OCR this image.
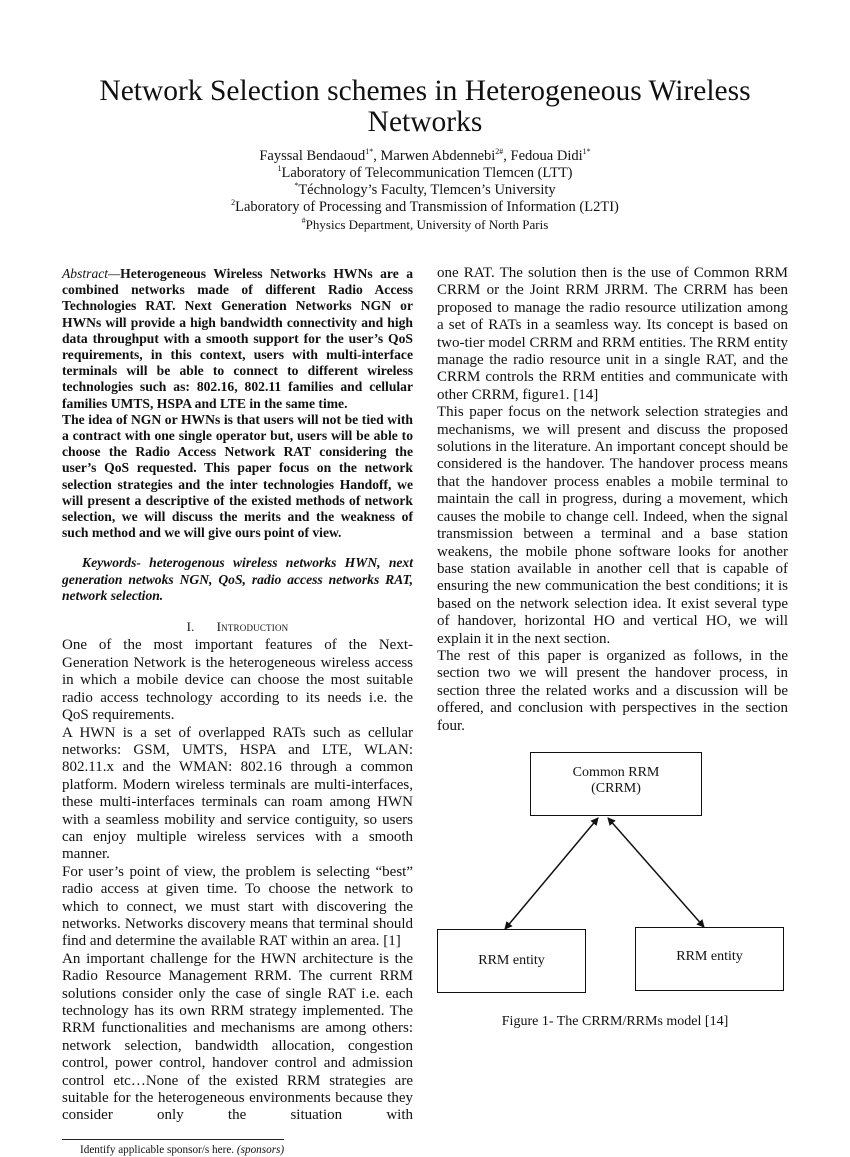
Network Selection schemes in Heterogeneous Wireless
Networks
Fayssal Bendaoud$^{1*}$, Marwen Abdennebi$^{2\#}$, Fedoua Didi$^{1*}$
$^1$Laboratory of Telecommunication Tlemcen (LTT)
*Téchnology’s Faculty, Tlemcen’s University
$^2$Laboratory of Processing and Transmission of Information (L2TI)
#Physics Department, University of North Paris

Abstract—Heterogeneous Wireless Networks HWNs are a combined networks made of different Radio Access Technologies RAT. Next Generation Networks NGN or HWNs will provide a high bandwidth connectivity and high data throughput with a smooth support for the user’s QoS requirements, in this context, users with multi-interface terminals will be able to connect to different wireless technologies such as: 802.16, 802.11 families and cellular families UMTS, HSPA and LTE in the same time.

The idea of NGN or HWNs is that users will not be tied with a contract with one single operator but, users will be able to choose the Radio Access Network RAT considering the user’s QoS requested. This paper focus on the network selection strategies and the inter technologies Handoff, we will present a descriptive of the existed methods of network selection, we will discuss the merits and the weakness of such method and we will give ours point of view.

Keywords- heterogenous wireless networks HWN, next generation netwoks NGN, QoS, radio access networks RAT, network selection.

I. Introduction

One of the most important features of the Next-Generation Network is the heterogeneous wireless access in which a mobile device can choose the most suitable radio access technology according to its needs i.e. the QoS requirements.

A HWN is a set of overlapped RATs such as cellular networks: GSM, UMTS, HSPA and LTE, WLAN: 802.11.x and the WMAN: 802.16 through a common platform. Modern wireless terminals are multi-interfaces, these multi-interfaces terminals can roam among HWN with a seamless mobility and service contiguity, so users can enjoy multiple wireless services with a smooth manner.

For user’s point of view, the problem is selecting “best” radio access at given time. To choose the network to which to connect, we must start with discovering the networks. Networks discovery means that terminal should find and determine the available RAT within an area. [1]

An important challenge for the HWN architecture is the Radio Resource Management RRM. The current RRM solutions consider only the case of single RAT i.e. each technology has its own RRM strategy implemented. The RRM functionalities and mechanisms are among others: network selection, bandwidth allocation, congestion control, power control, handover control and admission control etc…None of the existed RRM strategies are suitable for the heterogeneous environments because they consider only the situation with

Identify applicable sponsor/s here. (sponsors)

one RAT. The solution then is the use of Common RRM CRRM or the Joint RRM JRRM. The CRRM has been proposed to manage the radio resource utilization among a set of RATs in a seamless way. Its concept is based on two-tier model CRRM and RRM entities. The RRM entity manage the radio resource unit in a single RAT, and the CRRM controls the RRM entities and communicate with other CRRM, figure1. [14]

This paper focus on the network selection strategies and mechanisms, we will present and discuss the proposed solutions in the literature. An important concept should be considered is the handover. The handover process means that the handover process enables a mobile terminal to maintain the call in progress, during a movement, which causes the mobile to change cell. Indeed, when the signal transmission between a terminal and a base station weakens, the mobile phone software looks for another base station available in another cell that is capable of ensuring the new communication the best conditions; it is based on the network selection idea. It exist several type of handover, horizontal HO and vertical HO, we will explain it in the next section.

The rest of this paper is organized as follows, in the section two we will present the handover process, in section three the related works and a discussion will be offered, and conclusion with perspectives in the section four.

Common RRM
(CRRM)
RRM entity	RRM entity
Figure 1- The CRRM/RRMs model [14]
